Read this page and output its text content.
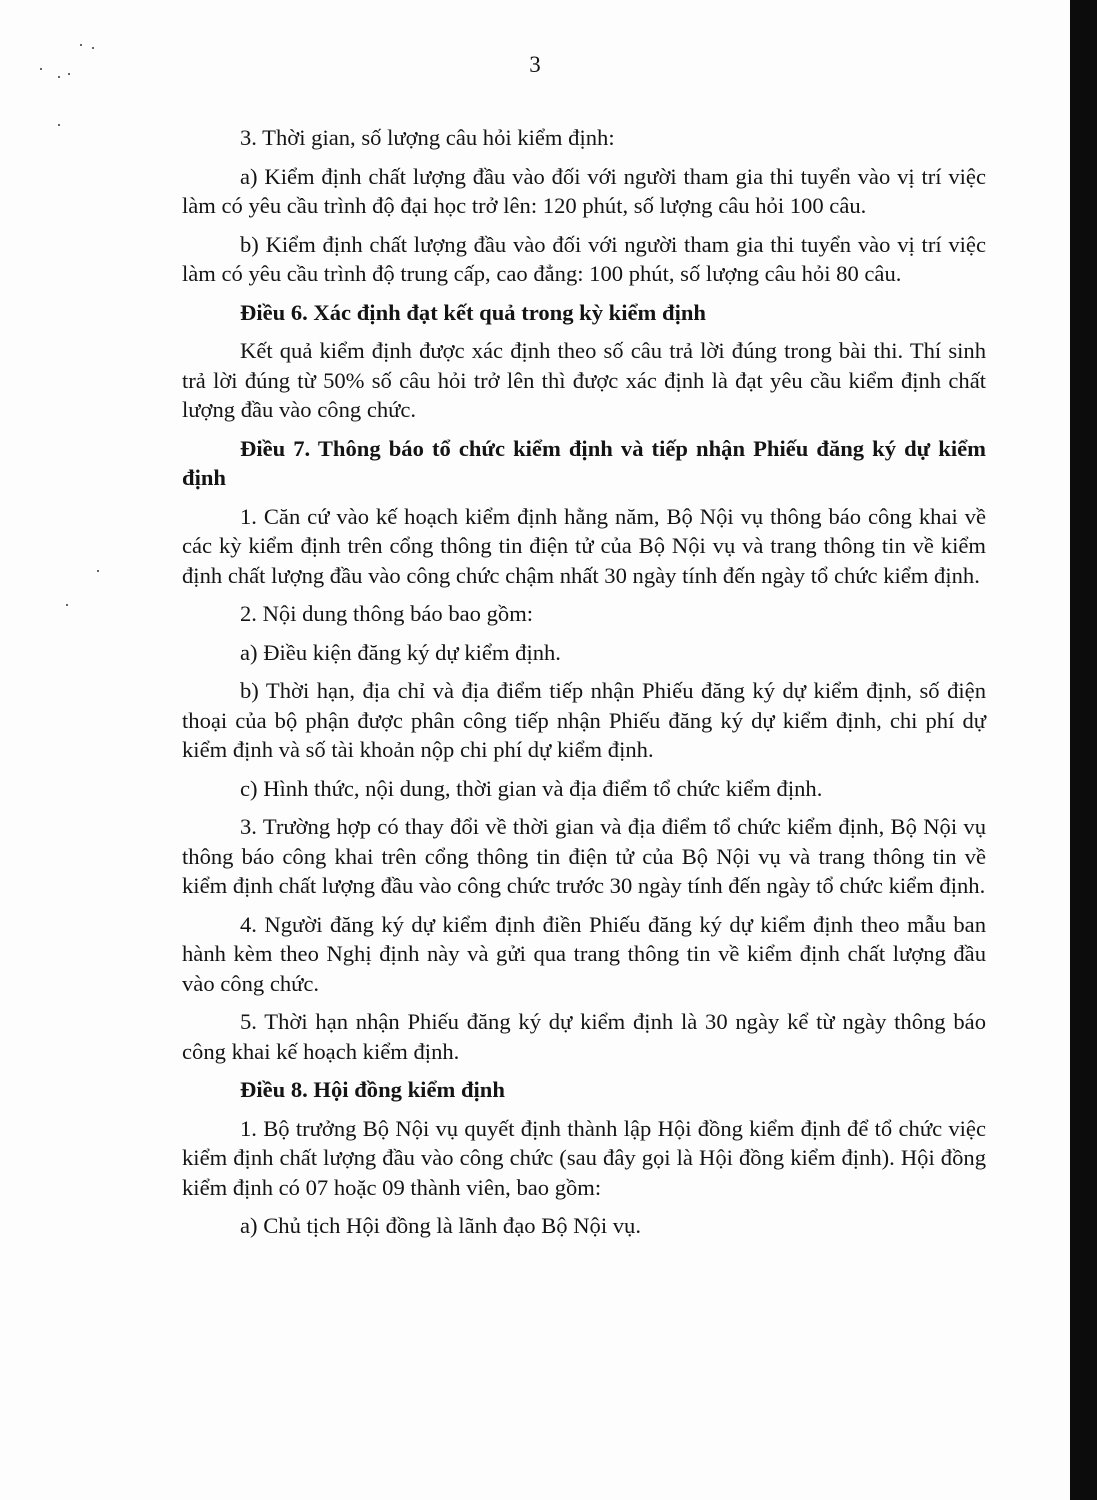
3

3. Thời gian, số lượng câu hỏi kiểm định:

a) Kiểm định chất lượng đầu vào đối với người tham gia thi tuyển vào vị trí việc làm có yêu cầu trình độ đại học trở lên: 120 phút, số lượng câu hỏi 100 câu.

b) Kiểm định chất lượng đầu vào đối với người tham gia thi tuyển vào vị trí việc làm có yêu cầu trình độ trung cấp, cao đẳng: 100 phút, số lượng câu hỏi 80 câu.

Điều 6. Xác định đạt kết quả trong kỳ kiểm định

Kết quả kiểm định được xác định theo số câu trả lời đúng trong bài thi. Thí sinh trả lời đúng từ 50% số câu hỏi trở lên thì được xác định là đạt yêu cầu kiểm định chất lượng đầu vào công chức.

Điều 7. Thông báo tổ chức kiểm định và tiếp nhận Phiếu đăng ký dự kiểm định

1. Căn cứ vào kế hoạch kiểm định hằng năm, Bộ Nội vụ thông báo công khai về các kỳ kiểm định trên cổng thông tin điện tử của Bộ Nội vụ và trang thông tin về kiểm định chất lượng đầu vào công chức chậm nhất 30 ngày tính đến ngày tổ chức kiểm định.

2. Nội dung thông báo bao gồm:

a) Điều kiện đăng ký dự kiểm định.

b) Thời hạn, địa chỉ và địa điểm tiếp nhận Phiếu đăng ký dự kiểm định, số điện thoại của bộ phận được phân công tiếp nhận Phiếu đăng ký dự kiểm định, chi phí dự kiểm định và số tài khoản nộp chi phí dự kiểm định.

c) Hình thức, nội dung, thời gian và địa điểm tổ chức kiểm định.

3. Trường hợp có thay đổi về thời gian và địa điểm tổ chức kiểm định, Bộ Nội vụ thông báo công khai trên cổng thông tin điện tử của Bộ Nội vụ và trang thông tin về kiểm định chất lượng đầu vào công chức trước 30 ngày tính đến ngày tổ chức kiểm định.

4. Người đăng ký dự kiểm định điền Phiếu đăng ký dự kiểm định theo mẫu ban hành kèm theo Nghị định này và gửi qua trang thông tin về kiểm định chất lượng đầu vào công chức.

5. Thời hạn nhận Phiếu đăng ký dự kiểm định là 30 ngày kể từ ngày thông báo công khai kế hoạch kiểm định.

Điều 8. Hội đồng kiểm định

1. Bộ trưởng Bộ Nội vụ quyết định thành lập Hội đồng kiểm định để tổ chức việc kiểm định chất lượng đầu vào công chức (sau đây gọi là Hội đồng kiểm định). Hội đồng kiểm định có 07 hoặc 09 thành viên, bao gồm:

a) Chủ tịch Hội đồng là lãnh đạo Bộ Nội vụ.
